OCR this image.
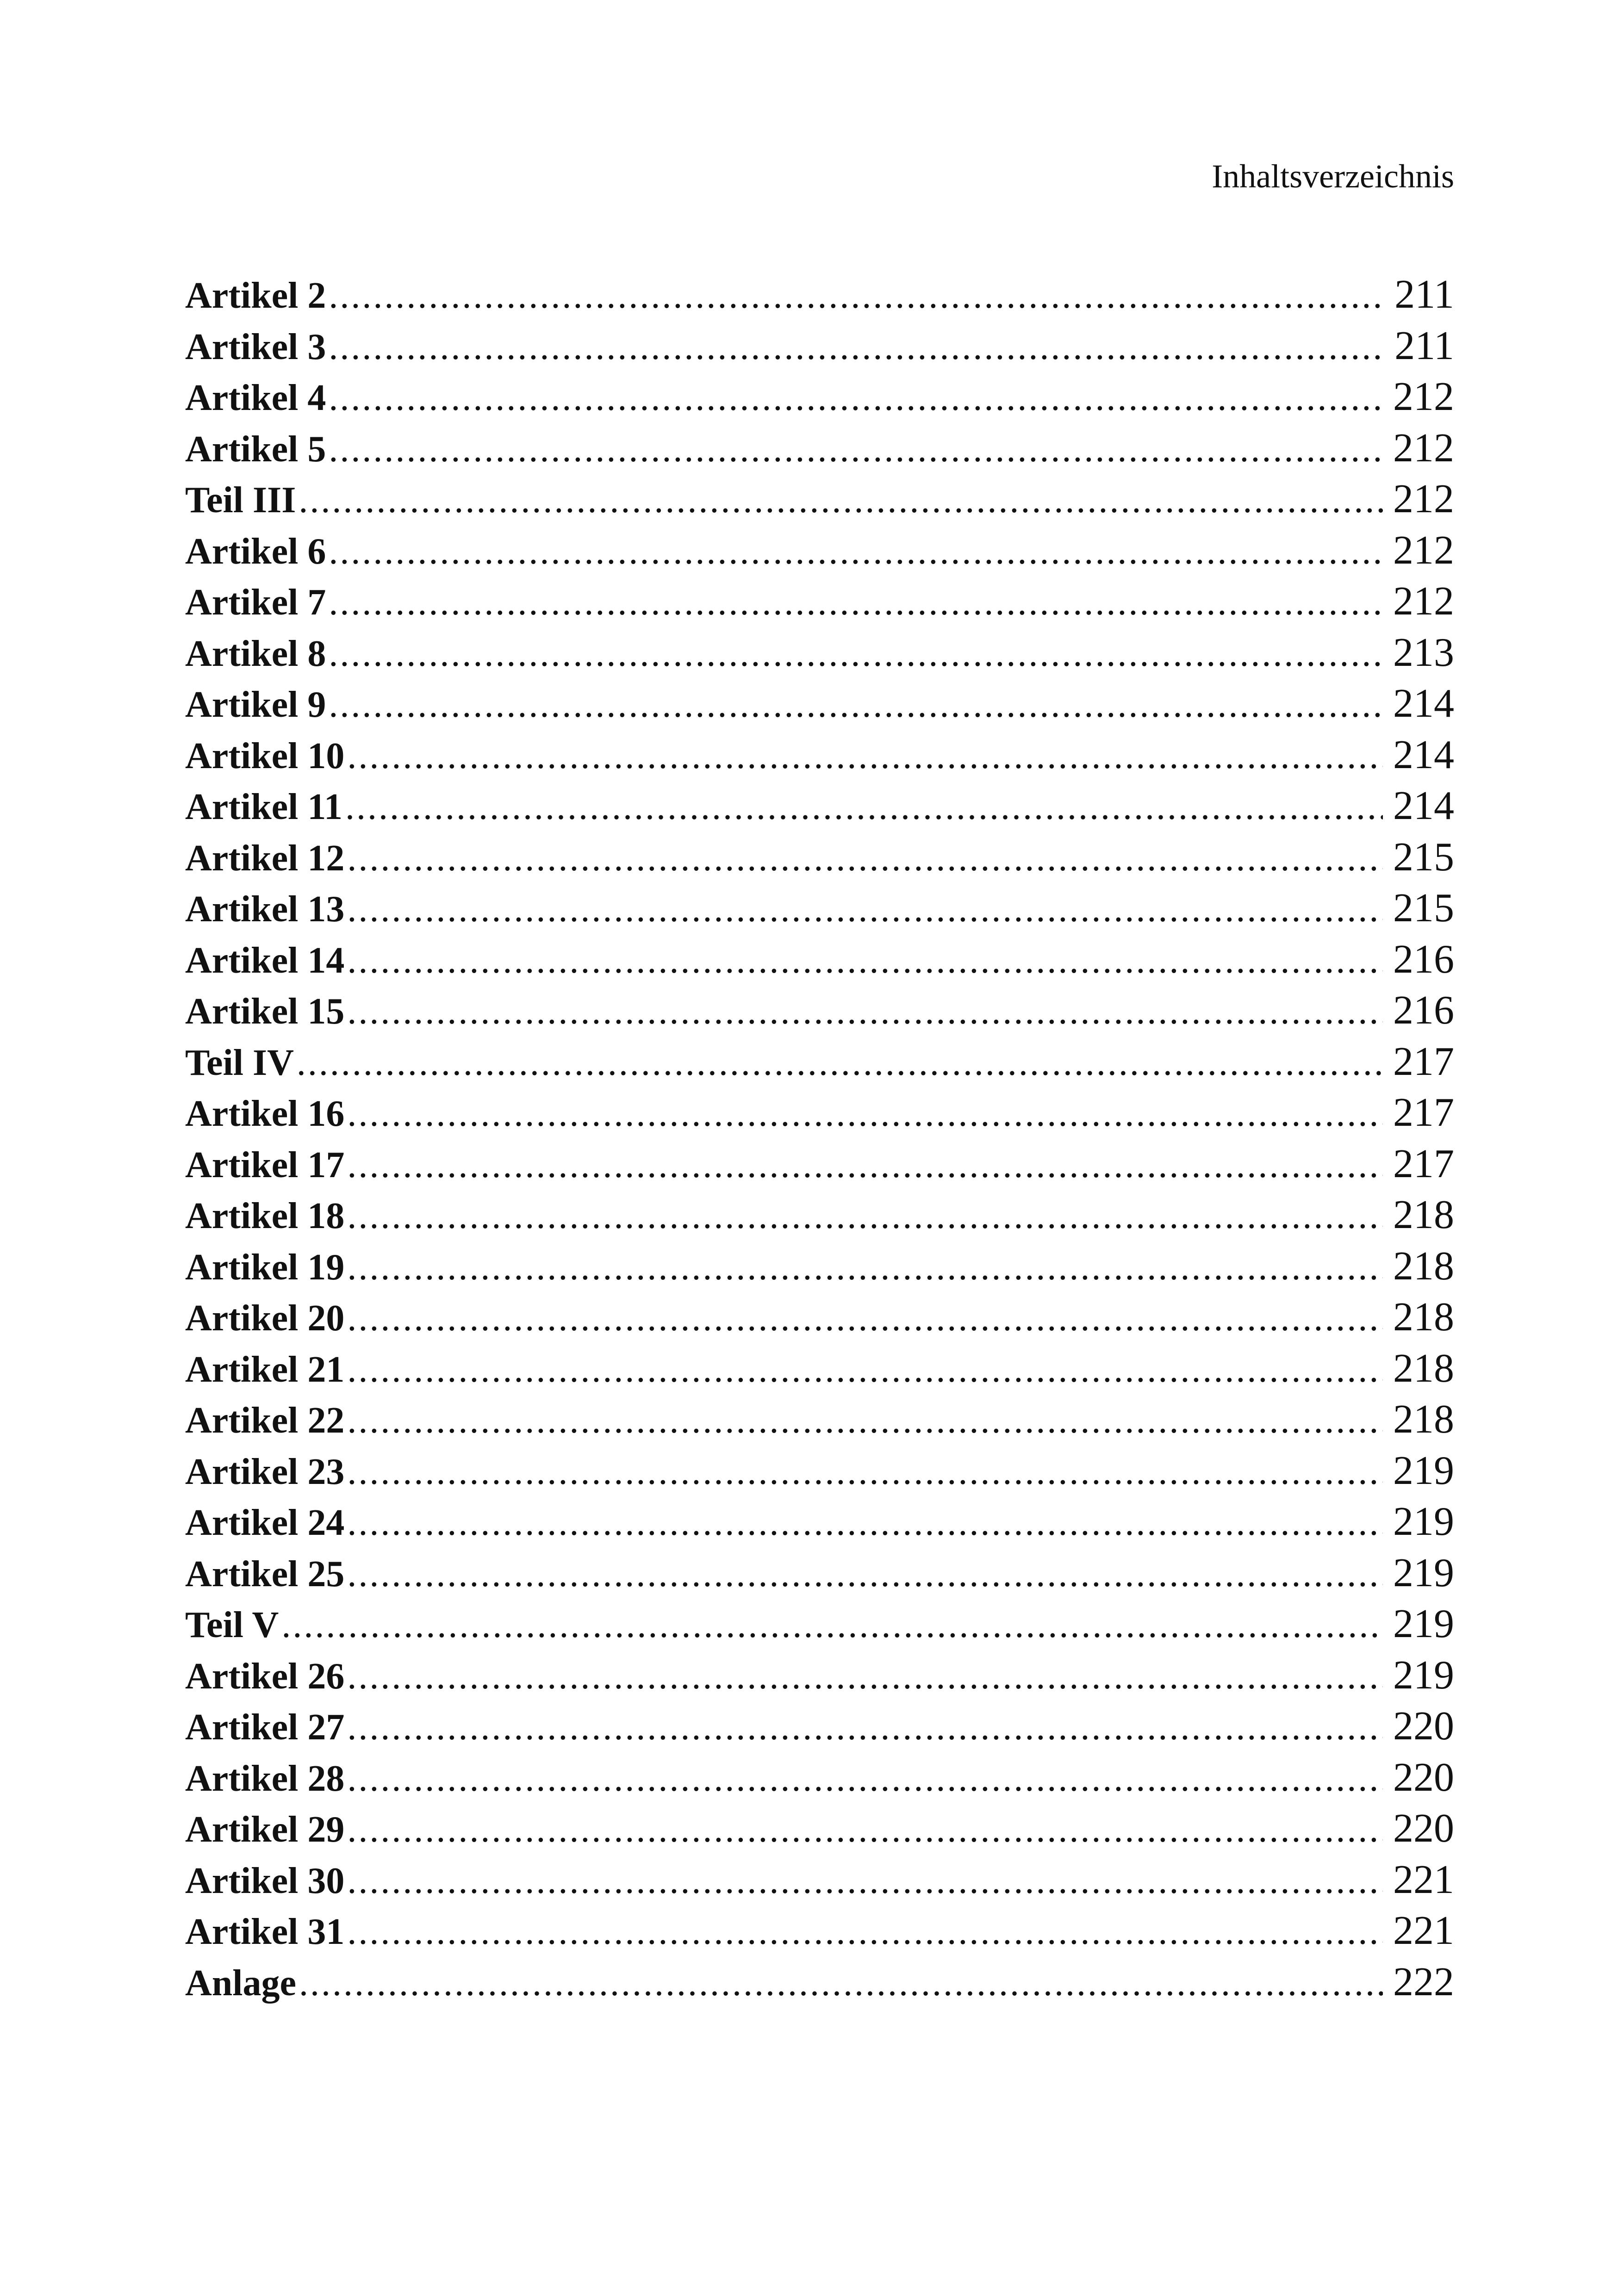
Inhaltsverzeichnis
Artikel 2 .....	211
Artikel 3 .....	211
Artikel 4 .....	212
Artikel 5 .....	212
Teil III .....	212
Artikel 6 .....	212
Artikel 7 .....	212
Artikel 8 .....	213
Artikel 9 .....	214
Artikel 10 .....	214
Artikel 11 .....	214
Artikel 12 .....	215
Artikel 13 .....	215
Artikel 14 .....	216
Artikel 15 .....	216
Teil IV .....	217
Artikel 16 .....	217
Artikel 17 .....	217
Artikel 18 .....	218
Artikel 19 .....	218
Artikel 20 .....	218
Artikel 21 .....	218
Artikel 22 .....	218
Artikel 23 .....	219
Artikel 24 .....	219
Artikel 25 .....	219
Teil V .....	219
Artikel 26 .....	219
Artikel 27 .....	220
Artikel 28 .....	220
Artikel 29 .....	220
Artikel 30 .....	221
Artikel 31 .....	221
Anlage .....	222
